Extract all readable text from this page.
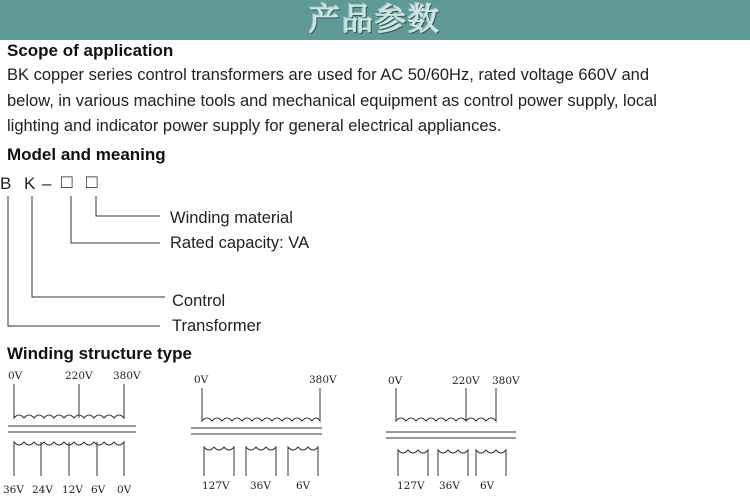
产品参数
Scope of application
BK copper series control transformers are used for AC 50/60Hz, rated voltage 660V and
below, in various machine tools and mechanical equipment as control power supply, local
lighting and indicator power supply for general electrical appliances.
Model and meaning
B K – □ □
Winding material
Rated capacity: VA
Control
Transformer
Winding structure type
0V	220V 380V
36V 24V 12V 6V 0V
0V	380V
127V 36V 6V
0V	220V 380V
127V 36V 6V
